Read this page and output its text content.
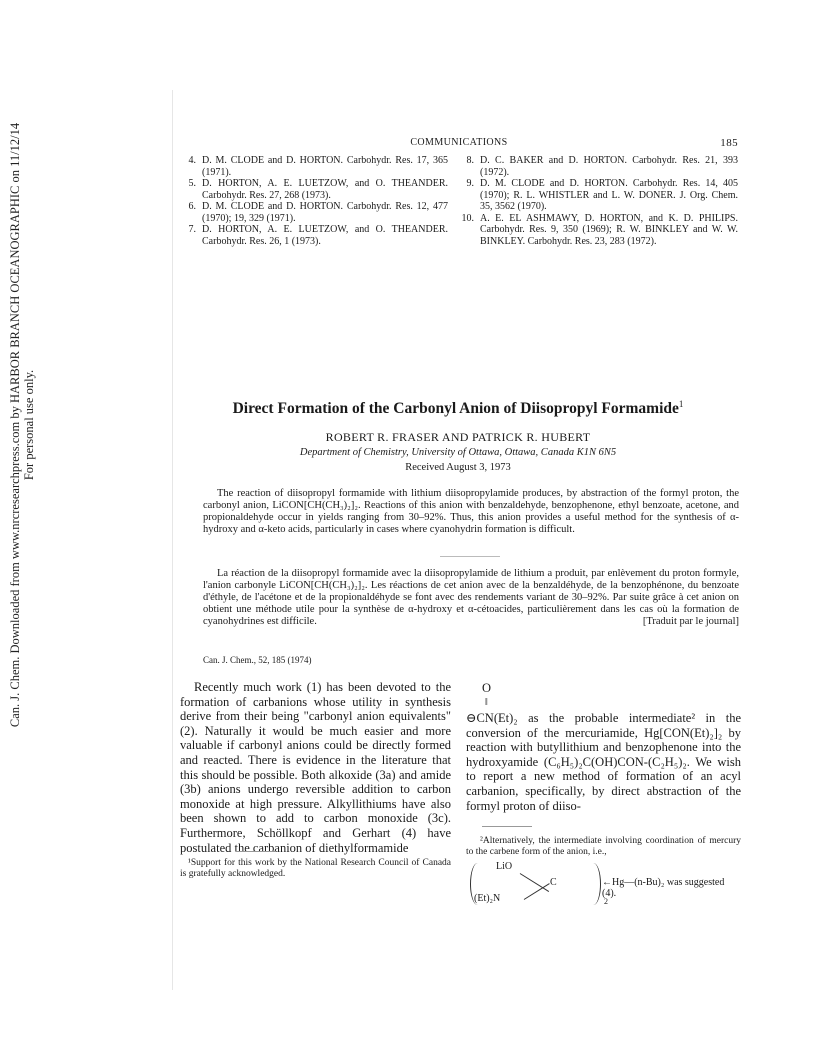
Can. J. Chem. Downloaded from www.nrcresearchpress.com by HARBOR BRANCH OCEANOGRAPHIC on 11/12/14 For personal use only.
COMMUNICATIONS	185
4. D. M. CLODE and D. HORTON. Carbohydr. Res. 17, 365 (1971).
5. D. HORTON, A. E. LUETZOW, and O. THEANDER. Carbohydr. Res. 27, 268 (1973).
6. D. M. CLODE and D. HORTON. Carbohydr. Res. 12, 477 (1970); 19, 329 (1971).
7. D. HORTON, A. E. LUETZOW, and O. THEANDER. Carbohydr. Res. 26, 1 (1973).
8. D. C. BAKER and D. HORTON. Carbohydr. Res. 21, 393 (1972).
9. D. M. CLODE and D. HORTON. Carbohydr. Res. 14, 405 (1970); R. L. WHISTLER and L. W. DONER. J. Org. Chem. 35, 3562 (1970).
10. A. E. EL ASHMAWY, D. HORTON, and K. D. PHILIPS. Carbohydr. Res. 9, 350 (1969); R. W. BINKLEY and W. W. BINKLEY. Carbohydr. Res. 23, 283 (1972).
Direct Formation of the Carbonyl Anion of Diisopropyl Formamide$^1$
ROBERT R. FRASER AND PATRICK R. HUBERT
Department of Chemistry, University of Ottawa, Ottawa, Canada K1N 6N5
Received August 3, 1973

The reaction of diisopropyl formamide with lithium diisopropylamide produces, by abstraction of the formyl proton, the carbonyl anion, LiCON[CH(CH₃)₂]₂. Reactions of this anion with benzaldehyde, benzophenone, ethyl benzoate, acetone, and propionaldehyde occur in yields ranging from 30–92%. Thus, this anion provides a useful method for the synthesis of α-hydroxy and α-keto acids, particularly in cases where cyanohydrin formation is difficult.

La réaction de la diisopropyl formamide avec la diisopropylamide de lithium a produit, par enlèvement du proton formyle, l'anion carbonyle LiCON[CH(CH₃)₂]₂. Les réactions de cet anion avec de la benzaldéhyde, de la benzophénone, du benzoate d'éthyle, de l'acétone et de la propionaldéhyde se font avec des rendements variant de 30–92%. Par suite grâce à cet anion on obtient une méthode utile pour la synthèse de α-hydroxy et α-cétoacides, particulièrement dans les cas où la formation de cyanohydrines est difficile.	[Traduit par le journal]

Can. J. Chem., 52, 185 (1974)

Recently much work (1) has been devoted to the formation of carbanions whose utility in synthesis derive from their being "carbonyl anion equivalents" (2). Naturally it would be much easier and more valuable if carbonyl anions could be directly formed and reacted. There is evidence in the literature that this should be possible. Both alkoxide (3a) and amide (3b) anions undergo reversible addition to carbon monoxide at high pressure. Alkyllithiums have also been shown to add to carbon monoxide (3c). Furthermore, Schöllkopf and Gerhart (4) have postulated the carbanion of diethylformamide

O
‖

⊖CN(Et)₂ as the probable intermediate² in the conversion of the mercuriamide, Hg[CON(Et)₂]₂ by reaction with butyllithium and benzophenone into the hydroxyamide (C₆H₅)₂C(OH)CON-(C₂H₅)₂. We wish to report a new method of formation of an acyl carbanion, specifically, by direct abstraction of the formyl proton of diiso-

¹Support for this work by the National Research Council of Canada is gratefully acknowledged.

²Alternatively, the intermediate involving coordination of mercury to the carbene form of the anion, i.e.,

LiO
C
(Et)₂N	2
←Hg—(n-Bu)₂ was suggested (4).
